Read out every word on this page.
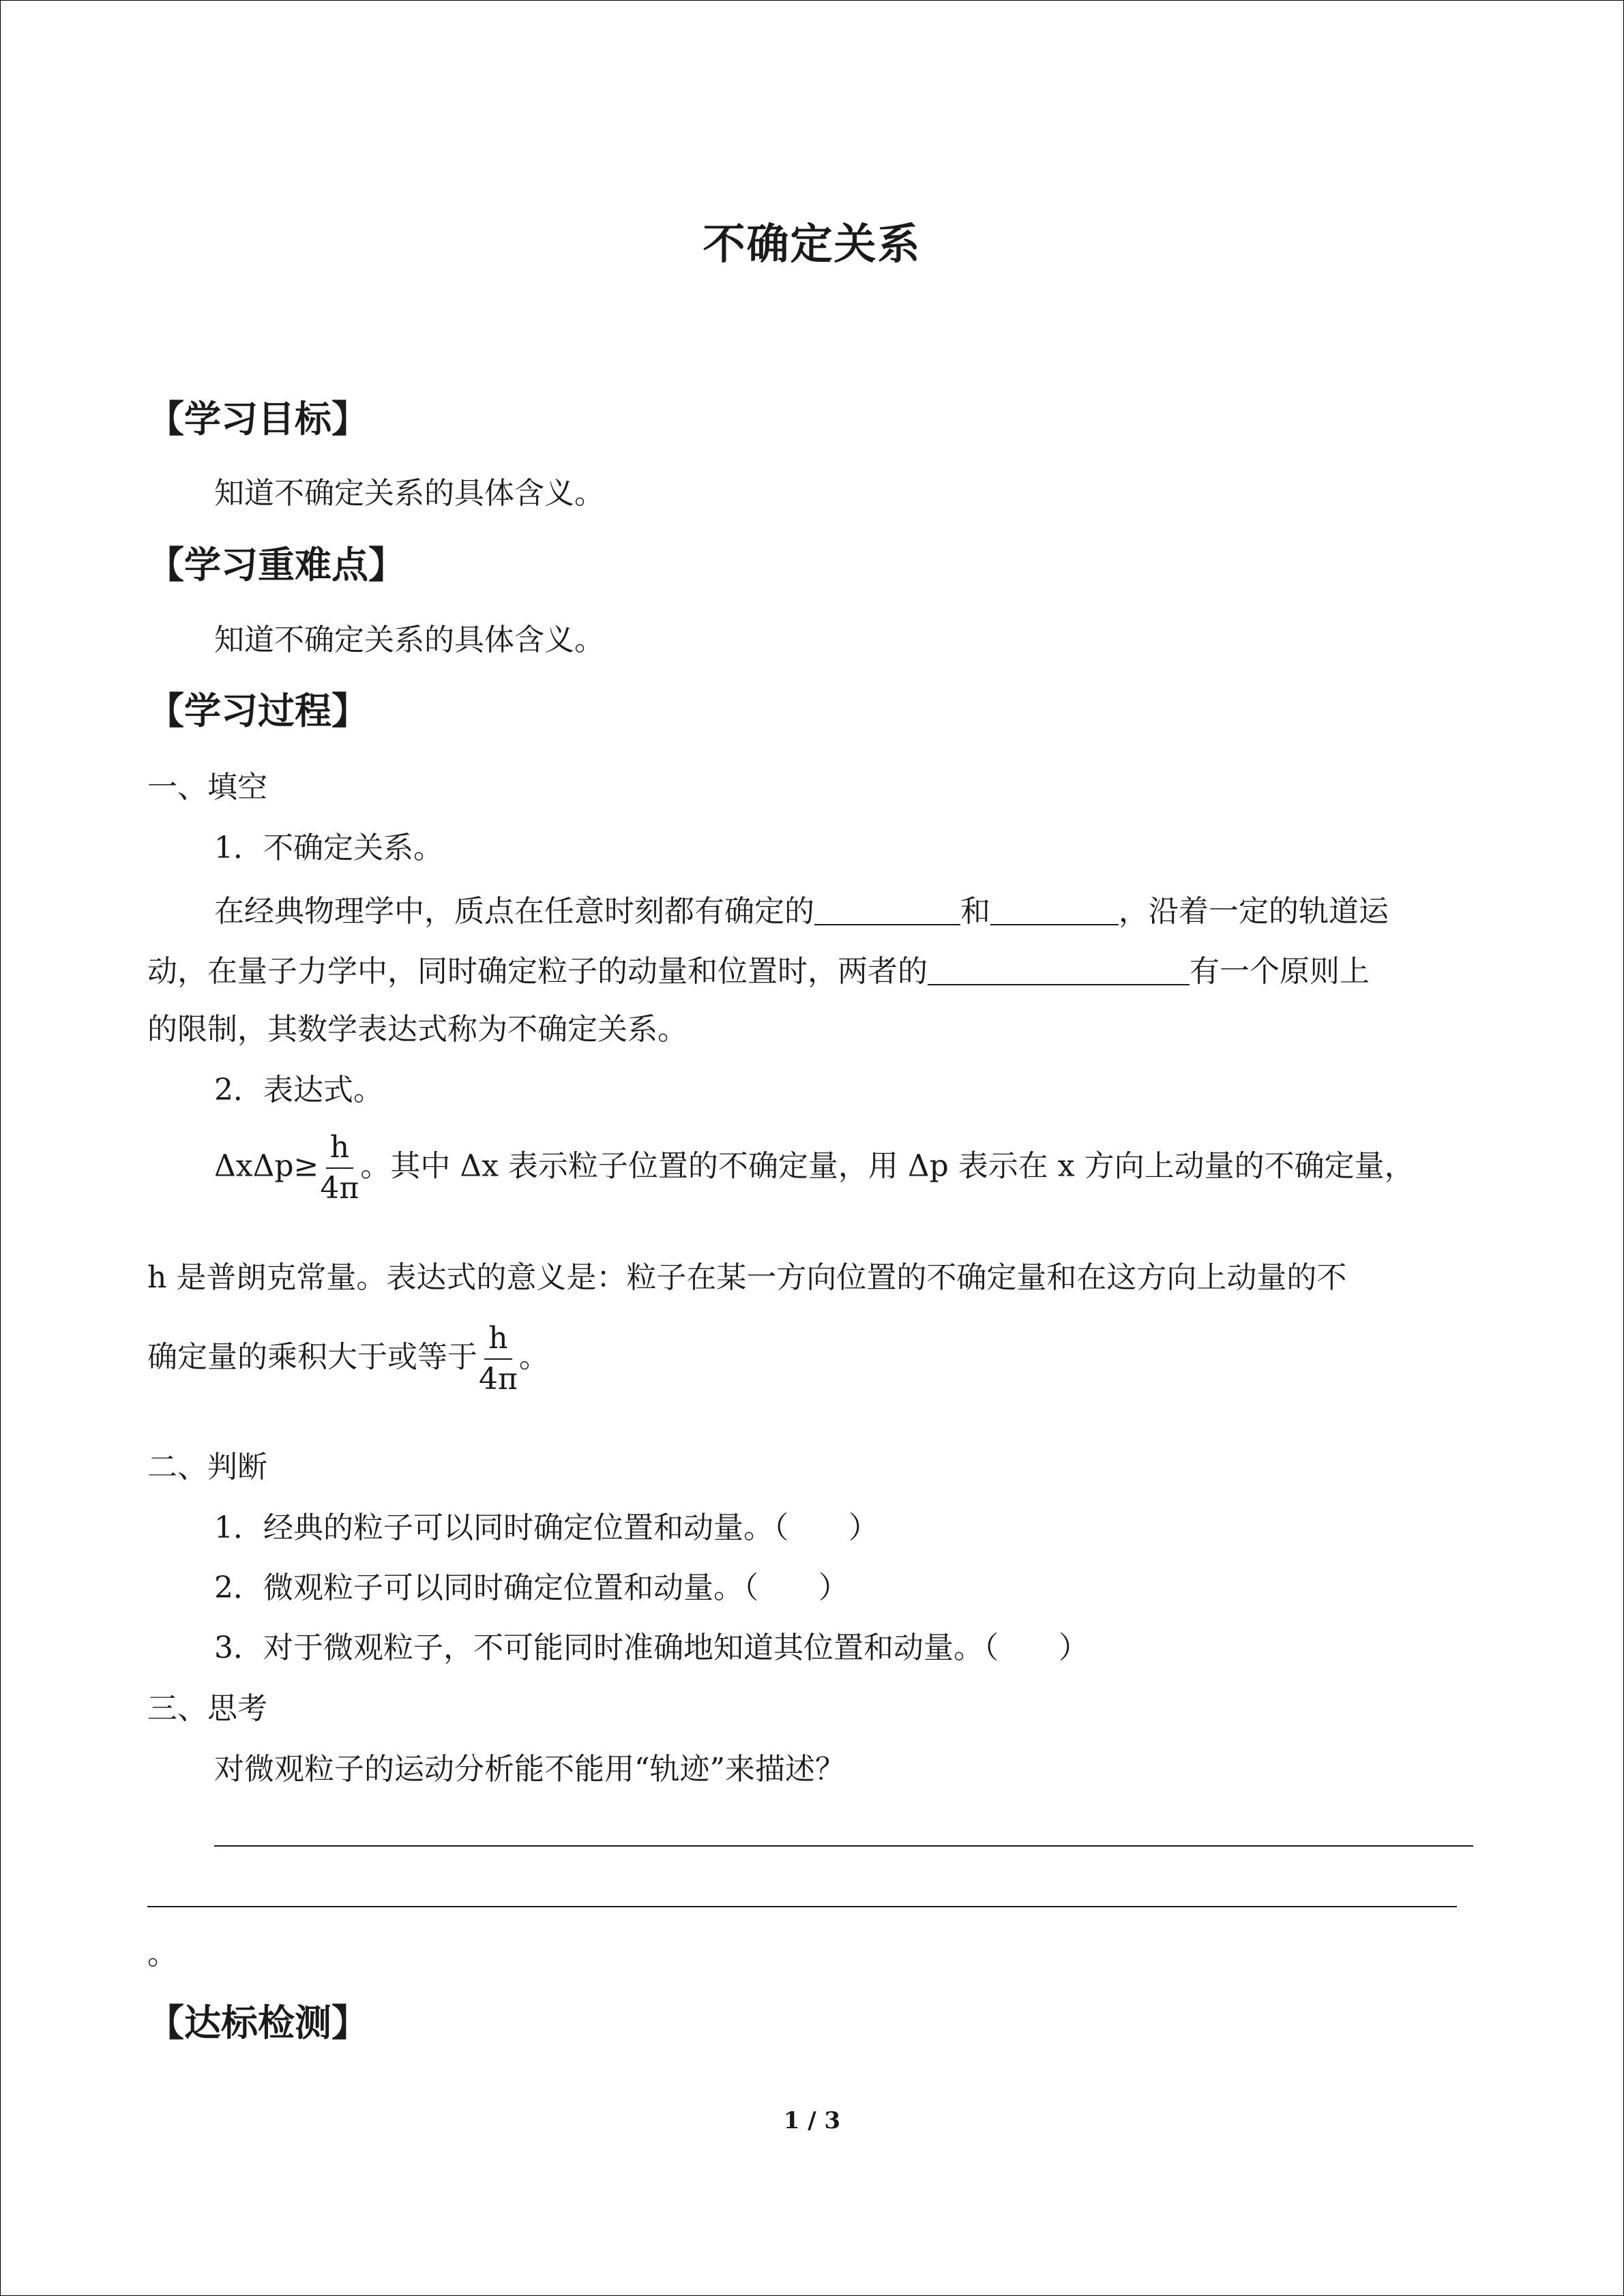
不确定关系
【学习目标】
知道不确定关系的具体含义。
【学习重难点】
知道不确定关系的具体含义。
【学习过程】
一、填空
1．不确定关系。
在经典物理学中，质点在任意时刻都有确定的	和	，沿着一定的轨道运
动，在量子力学中，同时确定粒子的动量和位置时，两者的	有一个原则上
的限制，其数学表达式称为不确定关系。
2．表达式。
$\Delta x\Delta p\ge \frac{h}{4\pi}$ 。其中 Δx 表示粒子位置的不确定量，用 Δp 表示在 x 方向上动量的不确定量，
h 是普朗克常量。表达式的意义是：粒子在某一方向位置的不确定量和在这方向上动量的不
确定量的乘积大于或等于 $\frac{h}{4\pi}$ 。
二、判断
1．经典的粒子可以同时确定位置和动量。（　　）
2．微观粒子可以同时确定位置和动量。（　　）
3．对于微观粒子，不可能同时准确地知道其位置和动量。（　　）
三、思考
对微观粒子的运动分析能不能用“轨迹”来描述？
。
【达标检测】
1 / 3
